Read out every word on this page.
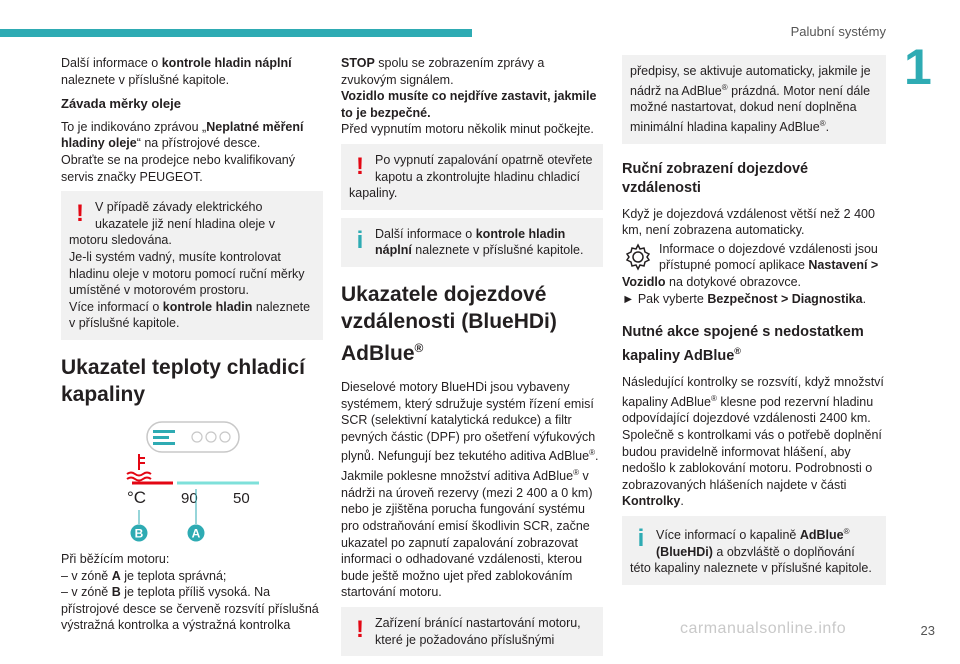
Palubní systémy
1

Další informace o kontrole hladin náplní naleznete v příslušné kapitole.

Závada měrky oleje

To je indikováno zprávou „Neplatné měření hladiny oleje“ na přístrojové desce.

Obraťte se na prodejce nebo kvalifikovaný servis značky PEUGEOT.

! V případě závady elektrického ukazatele již není hladina oleje v motoru sledována.
Je-li systém vadný, musíte kontrolovat hladinu oleje v motoru pomocí ruční měrky umístěné v motorovém prostoru.
Více informací o kontrole hladin naleznete v příslušné kapitole.
Ukazatel teploty chladicí kapaliny
°C 90 50
B	A

Při běžícím motoru:

– v zóně A je teplota správná;
– v zóně B je teplota příliš vysoká. Na přístrojové desce se červeně rozsvítí příslušná výstražná kontrolka a výstražná kontrolka

STOP spolu se zobrazením zprávy a zvukovým signálem.

Vozidlo musíte co nejdříve zastavit, jakmile to je bezpečné.

Před vypnutím motoru několik minut počkejte.

! Po vypnutí zapalování opatrně otevřete kapotu a zkontrolujte hladinu chladicí kapaliny.
i Další informace o kontrole hladin náplní naleznete v příslušné kapitole.
Ukazatele dojezdové vzdálenosti (BlueHDi) AdBlue®

Dieselové motory BlueHDi jsou vybaveny systémem, který sdružuje systém řízení emisí SCR (selektivní katalytická redukce) a filtr pevných částic (DPF) pro ošetření výfukových plynů. Nefungují bez tekutého aditiva AdBlue®.

Jakmile poklesne množství aditiva AdBlue® v nádrži na úroveň rezervy (mezi 2 400 a 0 km) nebo je zjištěna porucha fungování systému pro odstraňování emisí škodlivin SCR, začne ukazatel po zapnutí zapalování zobrazovat informaci o odhadované vzdálenosti, kterou bude ještě možno ujet před zablokováním startování motoru.

! Zařízení bránící nastartování motoru, které je požadováno příslušnými
předpisy, se aktivuje automaticky, jakmile je nádrž na AdBlue® prázdná. Motor není dále možné nastartovat, dokud není doplněna minimální hladina kapaliny AdBlue®.
Ruční zobrazení dojezdové vzdálenosti

Když je dojezdová vzdálenost větší než 2 400 km, není zobrazena automaticky.

Informace o dojezdové vzdálenosti jsou přístupné pomocí aplikace Nastavení > Vozidlo na dotykové obrazovce.

► Pak vyberte Bezpečnost > Diagnostika.

Nutné akce spojené s nedostatkem kapaliny AdBlue®

Následující kontrolky se rozsvítí, když množství kapaliny AdBlue® klesne pod rezervní hladinu odpovídající dojezdové vzdálenosti 2400 km. Společně s kontrolkami vás o potřebě doplnění budou pravidelně informovat hlášení, aby nedošlo k zablokování motoru. Podrobnosti o zobrazovaných hlášeních najdete v části Kontrolky.

i Více informací o kapalině AdBlue® (BlueHDi) a obzvláště o doplňování této kapaliny naleznete v příslušné kapitole.
23
carmanualsonline.info
